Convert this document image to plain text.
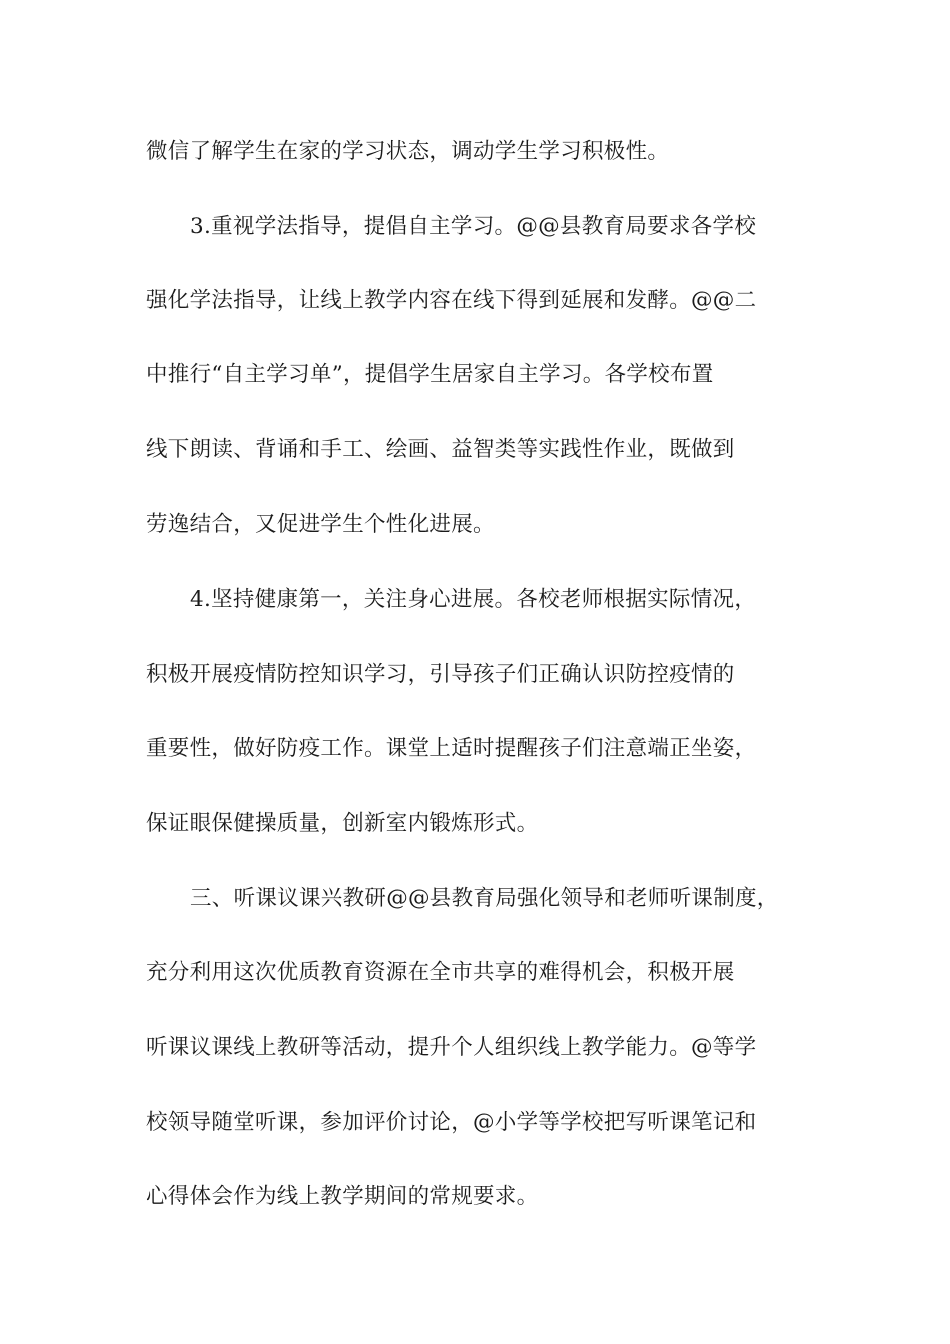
微信了解学生在家的学习状态，调动学生学习积极性。
3.重视学法指导，提倡自主学习。@@县教育局要求各学校
强化学法指导，让线上教学内容在线下得到延展和发酵。@@二
中推行“自主学习单”，提倡学生居家自主学习。各学校布置
线下朗读、背诵和手工、绘画、益智类等实践性作业，既做到
劳逸结合，又促进学生个性化进展。
4.坚持健康第一，关注身心进展。各校老师根据实际情况，
积极开展疫情防控知识学习，引导孩子们正确认识防控疫情的
重要性，做好防疫工作。课堂上适时提醒孩子们注意端正坐姿，
保证眼保健操质量，创新室内锻炼形式。
三、听课议课兴教研@@县教育局强化领导和老师听课制度，
充分利用这次优质教育资源在全市共享的难得机会，积极开展
听课议课线上教研等活动，提升个人组织线上教学能力。@等学
校领导随堂听课，参加评价讨论，@小学等学校把写听课笔记和
心得体会作为线上教学期间的常规要求。
